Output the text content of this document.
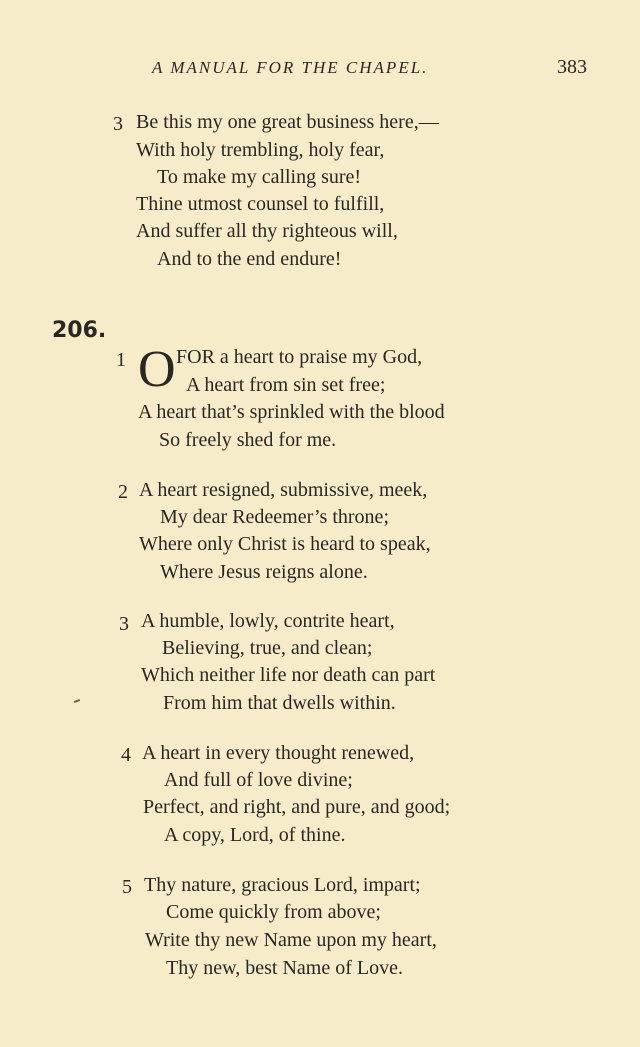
A MANUAL FOR THE CHAPEL.	383
3 Be this my one great business here,—
With holy trembling, holy fear,
To make my calling sure!
Thine utmost counsel to fulfill,
And suffer all thy righteous will,
And to the end endure!
206.
1 O FOR a heart to praise my God,
A heart from sin set free;
A heart that’s sprinkled with the blood
So freely shed for me.
2 A heart resigned, submissive, meek,
My dear Redeemer’s throne;
Where only Christ is heard to speak,
Where Jesus reigns alone.
3 A humble, lowly, contrite heart,
Believing, true, and clean;
Which neither life nor death can part
From him that dwells within.
4 A heart in every thought renewed,
And full of love divine;
Perfect, and right, and pure, and good;
A copy, Lord, of thine.
5 Thy nature, gracious Lord, impart;
Come quickly from above;
Write thy new Name upon my heart,
Thy new, best Name of Love.
